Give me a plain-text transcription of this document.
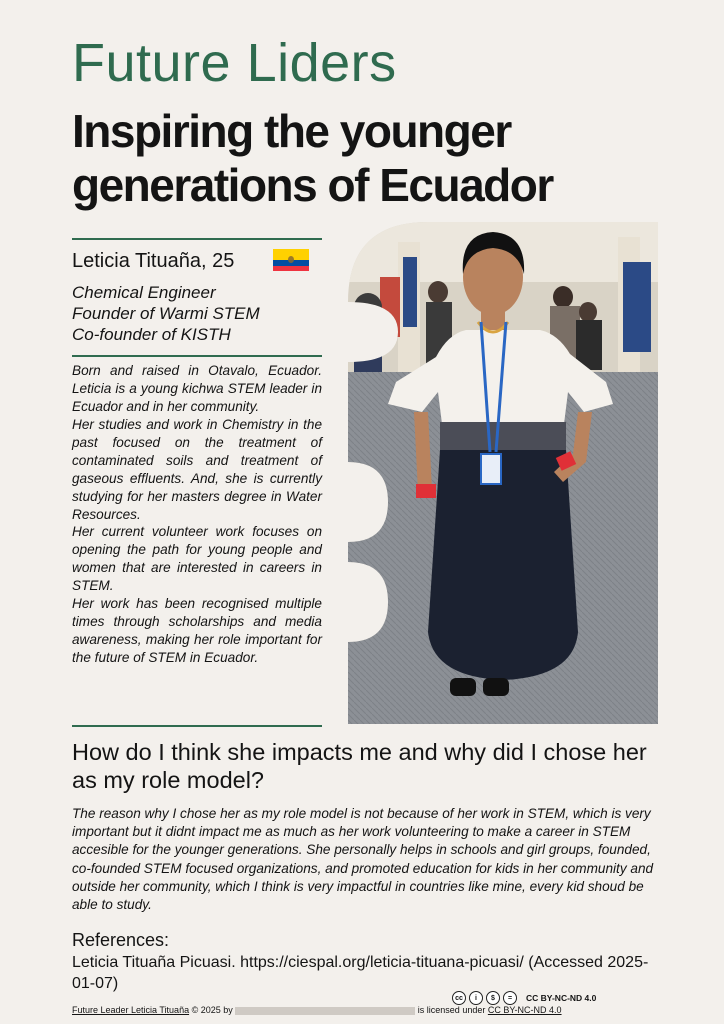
Future Liders
Inspiring the younger generations of Ecuador
Leticia Tituaña, 25
Chemical Engineer
Founder of Warmi STEM
Co-founder of KISTH

Born and raised in Otavalo, Ecuador. Leticia is a young kichwa STEM leader in Ecuador and in her community.

Her studies and work in Chemistry in the past focused on the treatment of contaminated soils and treatment of gaseous effluents. And, she is currently studying for her masters degree in Water Resources.

Her current volunteer work focuses on opening the path for young people and women that are interested in careers in STEM.

Her work has been recognised multiple times through scholarships and media awareness, making her role important for the future of STEM in Ecuador.

How do I think she impacts me and why did I chose her as my role model?
The reason why I chose her as my role model is not because of her work in STEM, which is very important but it didnt impact me as much as her work volunteering to make a career in STEM accesible for the younger generations. She personally helps in schools and girl groups, founded, co-founded STEM focused organizations, and promoted education for kids in her community and outside her community, which I think is very impactful in countries like mine, every kid shoud be able to study.
References:
Leticia Tituaña Picuasi. https://ciespal.org/leticia-tituana-picuasi/ (Accessed 2025-01-07)
cc	i	$	=	CC BY-NC-ND 4.0
Future Leader Leticia Tituaña © 2025 by	is licensed under CC BY-NC-ND 4.0
